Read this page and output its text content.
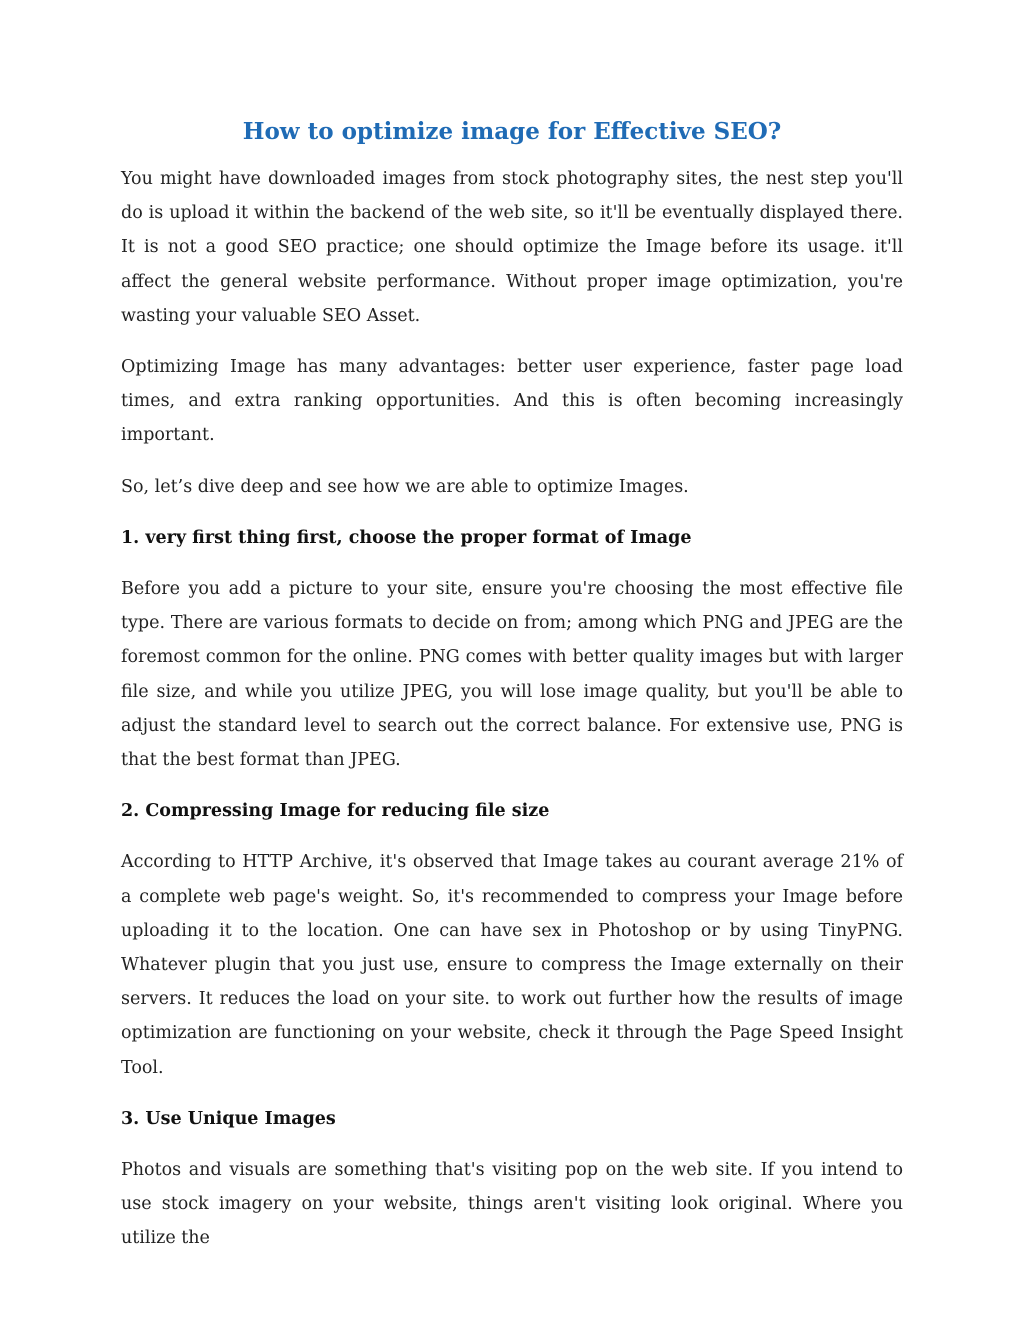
How to optimize image for Effective SEO?

You might have downloaded images from stock photography sites, the nest step you'll do is upload it within the backend of the web site, so it'll be eventually displayed there. It is not a good SEO practice; one should optimize the Image before its usage. it'll affect the general website performance. Without proper image optimization, you're wasting your valuable SEO Asset.

Optimizing Image has many advantages: better user experience, faster page load times, and extra ranking opportunities. And this is often becoming increasingly important.

So, let’s dive deep and see how we are able to optimize Images.

1. very first thing first, choose the proper format of Image

Before you add a picture to your site, ensure you're choosing the most effective file type. There are various formats to decide on from; among which PNG and JPEG are the foremost common for the online. PNG comes with better quality images but with larger file size, and while you utilize JPEG, you will lose image quality, but you'll be able to adjust the standard level to search out the correct balance. For extensive use, PNG is that the best format than JPEG.

2. Compressing Image for reducing file size

According to HTTP Archive, it's observed that Image takes au courant average 21% of a complete web page's weight. So, it's recommended to compress your Image before uploading it to the location. One can have sex in Photoshop or by using TinyPNG. Whatever plugin that you just use, ensure to compress the Image externally on their servers. It reduces the load on your site. to work out further how the results of image optimization are functioning on your website, check it through the Page Speed Insight Tool.

3. Use Unique Images

Photos and visuals are something that's visiting pop on the web site. If you intend to use stock imagery on your website, things aren't visiting look original. Where you utilize the
